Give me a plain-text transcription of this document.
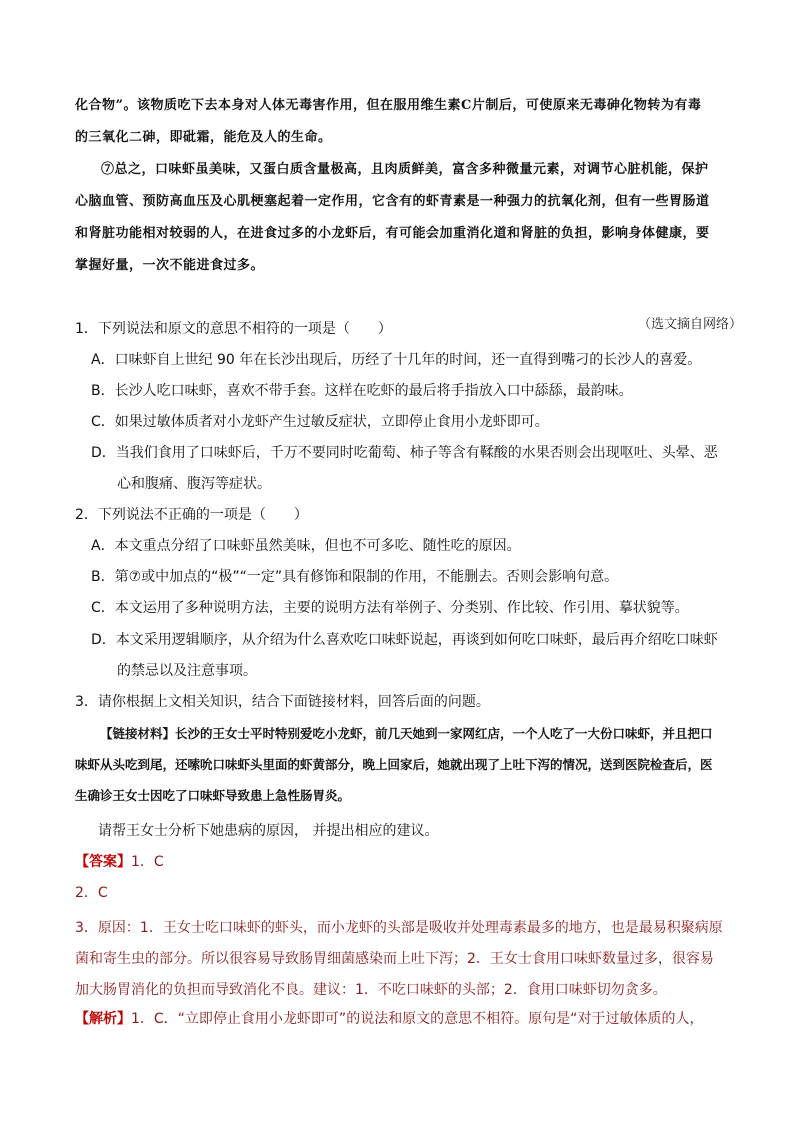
化合物”。该物质吃下去本身对人体无毒害作用，但在服用维生素C片制后，可使原来无毒砷化物转为有毒

的三氧化二砷，即砒霜，能危及人的生命。

⑦总之，口味虾虽美味，又蛋白质含量极高，且肉质鲜美，富含多种微量元素，对调节心脏机能，保护心脑血管、预防高血压及心肌梗塞起着一定作用，它含有的虾青素是一种强力的抗氧化剂，但有一些胃肠道和肾脏功能相对较弱的人，在进食过多的小龙虾后，有可能会加重消化道和肾脏的负担，影响身体健康，要掌握好量，一次不能进食过多。

（选文摘自网络）
1．下列说法和原文的意思不相符的一项是（　　）
A．口味虾自上世纪 90 年在长沙出现后，历经了十几年的时间，还一直得到嘴刁的长沙人的喜爱。
B．长沙人吃口味虾，喜欢不带手套。这样在吃虾的最后将手指放入口中舔舔，最韵味。
C．如果过敏体质者对小龙虾产生过敏反症状，立即停止食用小龙虾即可。
D．当我们食用了口味虾后，千万不要同时吃葡萄、柿子等含有鞣酸的水果否则会出现呕吐、头晕、恶
心和腹痛、腹泻等症状。
2．下列说法不正确的一项是（　　）
A．本文重点分绍了口味虾虽然美味，但也不可多吃、随性吃的原因。
B．第⑦或中加点的“极”“一定”具有修饰和限制的作用，不能删去。否则会影响句意。
C．本文运用了多种说明方法，主要的说明方法有举例子、分类别、作比较、作引用、摹状貌等。
D．本文采用逻辑顺序，从介绍为什么喜欢吃口味虾说起，再谈到如何吃口味虾，最后再介绍吃口味虾
的禁忌以及注意事项。
3．请你根据上文相关知识，结合下面链接材料，回答后面的问题。

【链接材料】长沙的王女士平时特别爱吃小龙虾，前几天她到一家网红店，一个人吃了一大份口味虾，并且把口味虾从头吃到尾，还嗦吮口味虾头里面的虾黄部分，晚上回家后，她就出现了上吐下泻的情况，送到医院检查后，医生确诊王女士因吃了口味虾导致患上急性肠胃炎。

请帮王女士分析下她患病的原因， 并提出相应的建议。
【答案】1．C
2．C

3．原因：1．王女士吃口味虾的虾头，而小龙虾的头部是吸收并处理毒素最多的地方，也是最易积聚病原菌和寄生虫的部分。所以很容易导致肠胃细菌感染而上吐下泻；2．王女士食用口味虾数量过多，很容易加大肠胃消化的负担而导致消化不良。建议：1．不吃口味虾的头部；2．食用口味虾切勿贪多。

【解析】1．C．“立即停止食用小龙虾即可”的说法和原文的意思不相符。原句是“对于过敏体质的人，
